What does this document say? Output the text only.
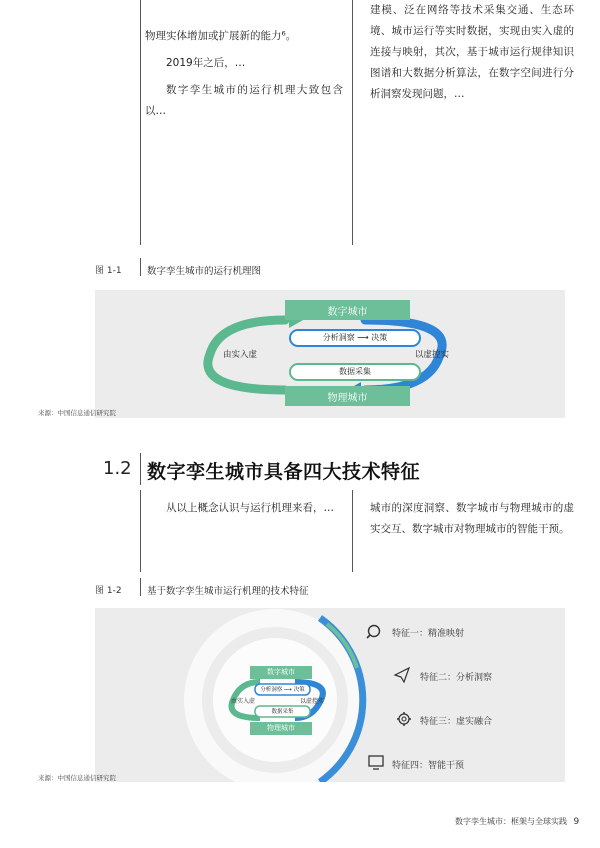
物理实体增加或扩展新的能力⁶。

2019年之后，…

数字孪生城市的运行机理大致包含以…

建模、泛在网络等技术采集交通、生态环境、城市运行等实时数据，实现由实入虚的连接与映射，其次，基于城市运行规律知识图谱和大数据分析算法，在数字空间进行分析洞察发现问题，…

图 1-1	数字孪生城市的运行机理图
数字城市
物理城市
分析洞察 ⟶ 决策
数据采集
由实入虚	以虚控实
来源：中国信息通信研究院
1.2 数字孪生城市具备四大技术特征

从以上概念认识与运行机理来看，…	城市的深度洞察、数字城市与物理城市的虚实交互、数字城市对物理城市的智能干预。

图 1-2	基于数字孪生城市运行机理的技术特征
数字城市
物理城市
分析洞察 ⟶ 决策
数据采集
由实入虚	以虚控实
特征一：精准映射
特征二：分析洞察
特征三：虚实融合
特征四：智能干预
来源：中国信息通信研究院
数字孪生城市：框架与全球实践 9
